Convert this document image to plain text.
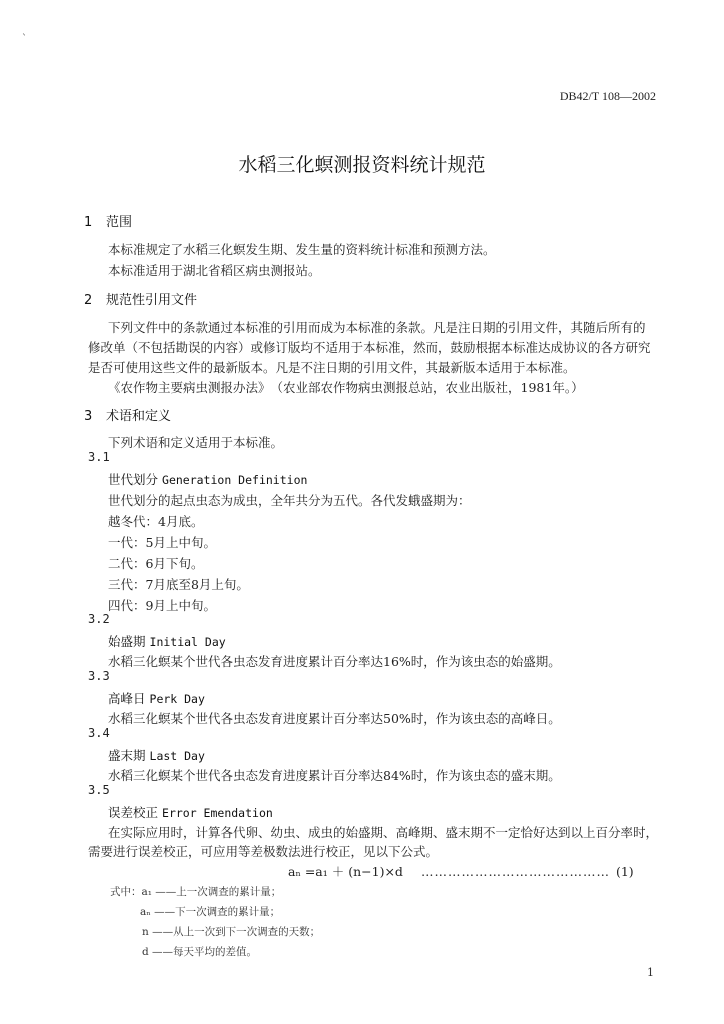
`
DB42/T 108—2002
水稻三化螟测报资料统计规范
1 范围
本标准规定了水稻三化螟发生期、发生量的资料统计标准和预测方法。
本标准适用于湖北省稻区病虫测报站。
2 规范性引用文件
下列文件中的条款通过本标准的引用而成为本标准的条款。凡是注日期的引用文件，其随后所有的
修改单（不包括勘误的内容）或修订版均不适用于本标准，然而，鼓励根据本标准达成协议的各方研究
是否可使用这些文件的最新版本。凡是不注日期的引用文件，其最新版本适用于本标准。
《农作物主要病虫测报办法》　（农业部农作物病虫测报总站，农业出版社，1981年。）
3 术语和定义
下列术语和定义适用于本标准。
3.1
世代划分 Generation Definition
世代划分的起点虫态为成虫，全年共分为五代。各代发蛾盛期为：
越冬代：4月底。
一代：5月上中旬。
二代：6月下旬。
三代：7月底至8月上旬。
四代：9月上中旬。
3.2
始盛期 Initial Day
水稻三化螟某个世代各虫态发育进度累计百分率达16%时，作为该虫态的始盛期。
3.3
高峰日 Perk Day
水稻三化螟某个世代各虫态发育进度累计百分率达50%时，作为该虫态的高峰日。
3.4
盛末期 Last Day
水稻三化螟某个世代各虫态发育进度累计百分率达84%时，作为该虫态的盛末期。
3.5
误差校正 Error Emendation
在实际应用时，计算各代卵、幼虫、成虫的始盛期、高峰期、盛末期不一定恰好达到以上百分率时，
需要进行误差校正，可应用等差极数法进行校正，见以下公式。
aₙ =a₁ ＋ (n−1)×d …………………………………… (1)
式中：a₁ ——上一次调查的累计量；
aₙ ——下一次调查的累计量；
n ——从上一次到下一次调查的天数；
d ——每天平均的差值。
1
